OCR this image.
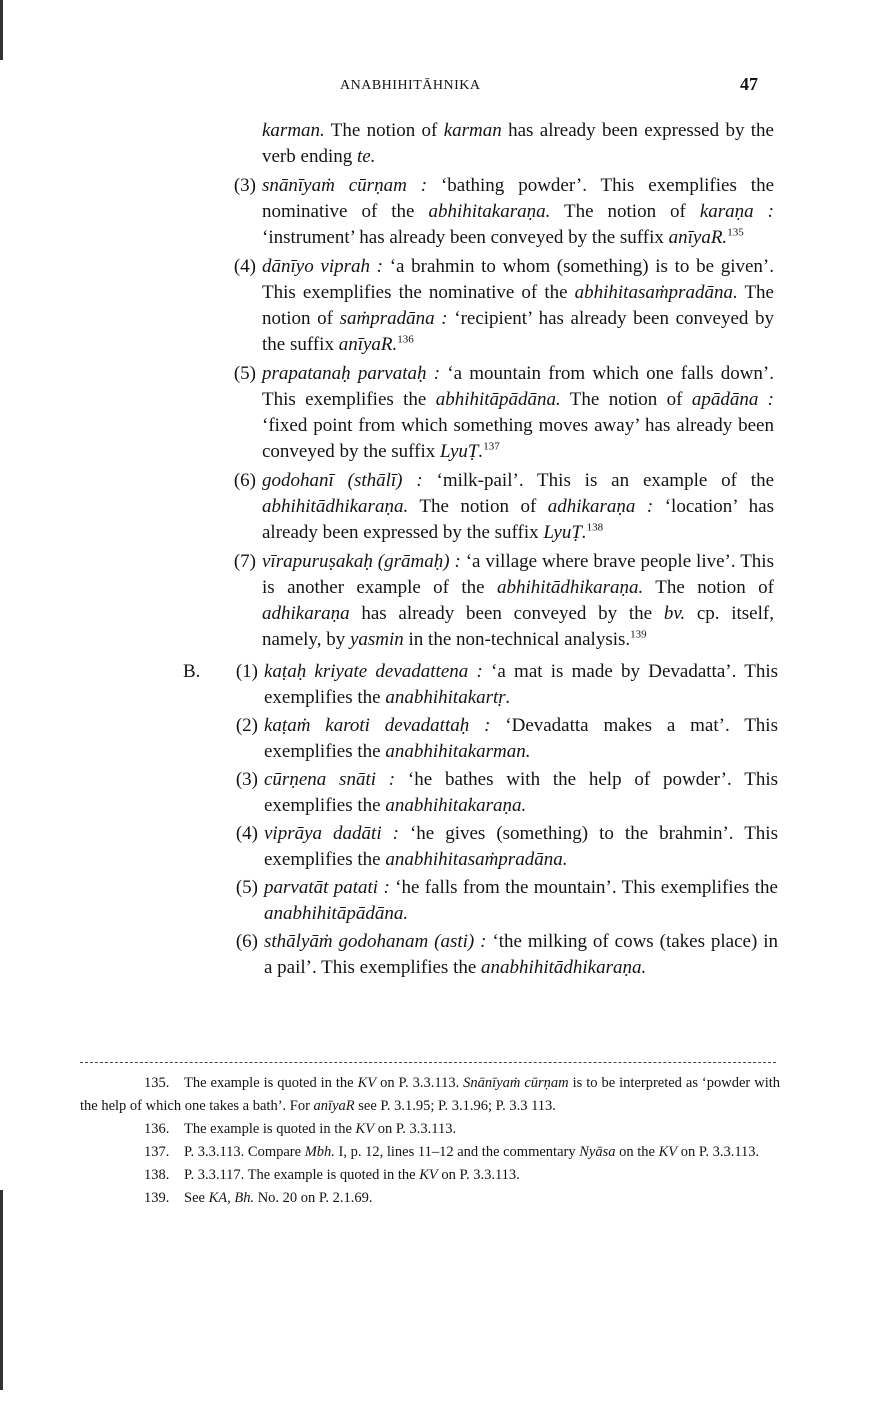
ANABHIHITĀHNIKA	47

karman. The notion of karman has already been expressed by the verb ending te.

(3) snānīyaṁ cūrṇam : ‘bathing powder’. This exemplifies the nominative of the abhihitakaraṇa. The notion of karaṇa : ‘instrument’ has already been conveyed by the suffix anīyaR.$^{135}$
(4) dānīyo viprah : ‘a brahmin to whom (something) is to be given’. This exemplifies the nominative of the abhihitasaṁpradāna. The notion of saṁpradāna : ‘recipient’ has already been conveyed by the suffix anīyaR.$^{136}$
(5) prapatanaḥ parvataḥ : ‘a mountain from which one falls down’. This exemplifies the abhihitāpādāna. The notion of apādāna : ‘fixed point from which something moves away’ has already been conveyed by the suffix LyuṬ.$^{137}$
(6) godohanī (sthālī) : ‘milk-pail’. This is an example of the abhihitādhikaraṇa. The notion of adhikaraṇa : ‘location’ has already been expressed by the suffix LyuṬ.$^{138}$
(7) vīrapuruṣakaḥ (grāmaḥ) : ‘a village where brave people live’. This is another example of the abhihitādhikaraṇa. The notion of adhikaraṇa has already been conveyed by the bv. cp. itself, namely, by yasmin in the non-technical analysis.$^{139}$
B.	(1) kaṭaḥ kriyate devadattena : ‘a mat is made by Devadatta’. This exemplifies the anabhihitakartṛ.
(2) kaṭaṁ karoti devadattaḥ : ‘Devadatta makes a mat’. This exemplifies the anabhihitakarman.
(3) cūrṇena snāti : ‘he bathes with the help of powder’. This exemplifies the anabhihitakaraṇa.
(4) viprāya dadāti : ‘he gives (something) to the brahmin’. This exemplifies the anabhihitasaṁpradāna.
(5) parvatāt patati : ‘he falls from the mountain’. This exemplifies the anabhihitāpādāna.
(6) sthālyāṁ godohanam (asti) : ‘the milking of cows (takes place) in a pail’. This exemplifies the anabhihitādhikaraṇa.

135. The example is quoted in the KV on P. 3.3.113. Snānīyaṁ cūrṇam is to be interpreted as ‘powder with the help of which one takes a bath’. For anīyaR see P. 3.1.95; P. 3.1.96; P. 3.3 113.

136. The example is quoted in the KV on P. 3.3.113.

137. P. 3.3.113. Compare Mbh. I, p. 12, lines 11–12 and the commentary Nyāsa on the KV on P. 3.3.113.

138. P. 3.3.117. The example is quoted in the KV on P. 3.3.113.

139. See KA, Bh. No. 20 on P. 2.1.69.
